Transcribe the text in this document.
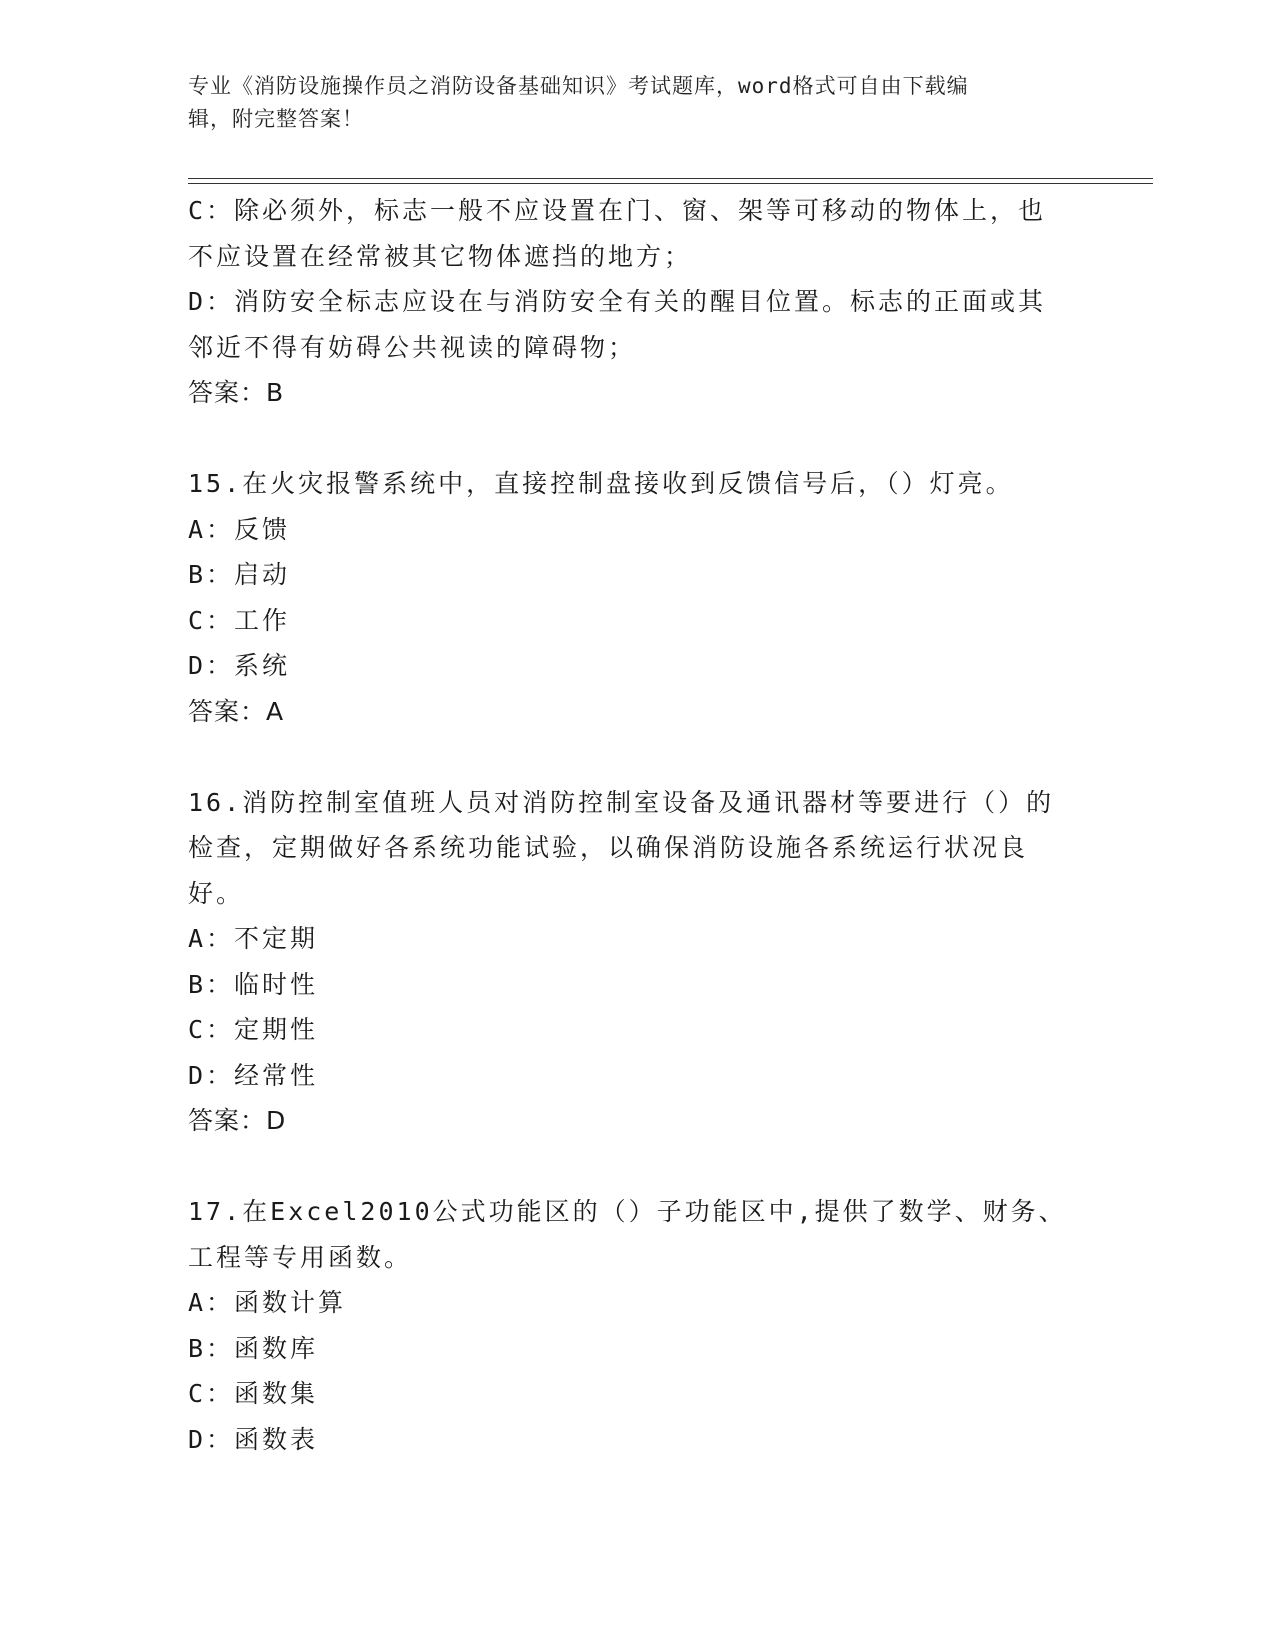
专业《消防设施操作员之消防设备基础知识》考试题库，word格式可自由下载编
辑，附完整答案！
C：除必须外，标志一般不应设置在门、窗、架等可移动的物体上，也
不应设置在经常被其它物体遮挡的地方；
D：消防安全标志应设在与消防安全有关的醒目位置。标志的正面或其
邻近不得有妨碍公共视读的障碍物；
答案：B
15.在火灾报警系统中，直接控制盘接收到反馈信号后，（）灯亮。
A：反馈
B：启动
C：工作
D：系统
答案：A
16.消防控制室值班人员对消防控制室设备及通讯器材等要进行（）的
检查，定期做好各系统功能试验，以确保消防设施各系统运行状况良
好。
A：不定期
B：临时性
C：定期性
D：经常性
答案：D
17.在Excel2010公式功能区的（）子功能区中,提供了数学、财务、
工程等专用函数。
A：函数计算
B：函数库
C：函数集
D：函数表
